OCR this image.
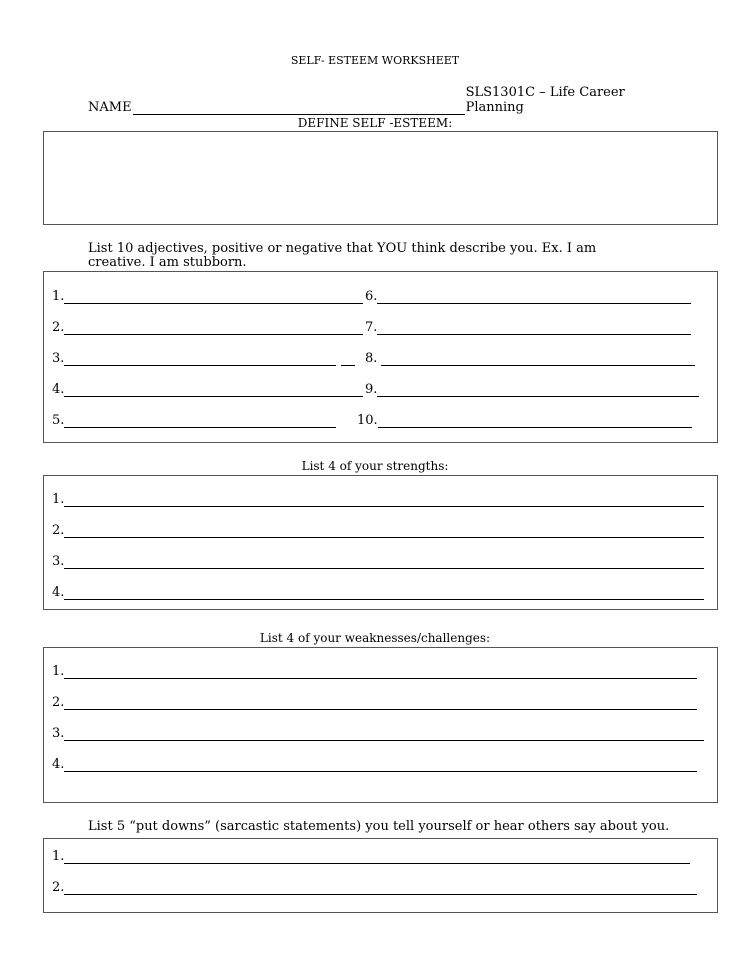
SELF- ESTEEM WORKSHEET
NAME
SLS1301C – Life Career Planning
DEFINE SELF -ESTEEM:
List 10 adjectives, positive or negative that YOU think describe you. Ex. I am creative. I am stubborn.
1.	6.
2.	7.
3.	8.
4.	9.
5.	10.
List 4 of your strengths:
1.
2.
3.
4.
List 4 of your weaknesses/challenges:
1.
2.
3.
4.
List 5 “put downs” (sarcastic statements) you tell yourself or hear others say about you.
1.
2.
